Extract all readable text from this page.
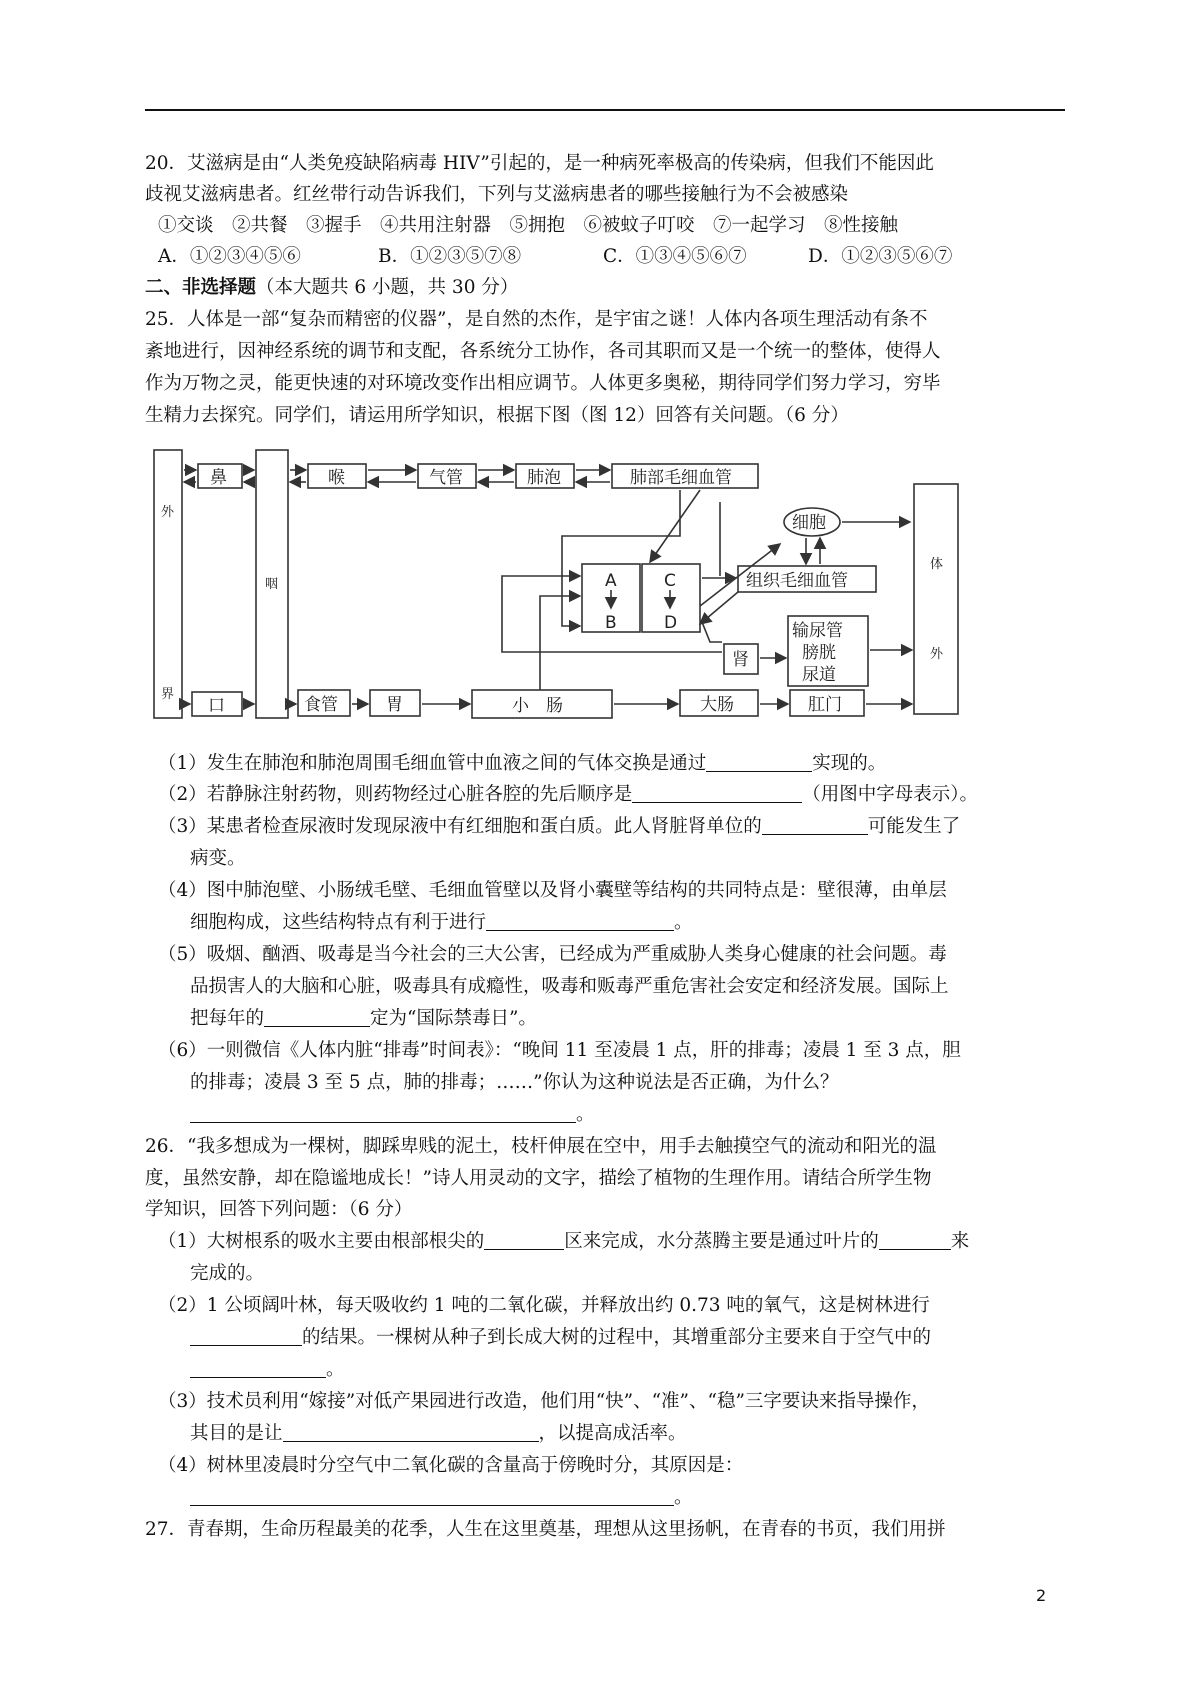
20．艾滋病是由“人类免疫缺陷病毒 HIV”引起的，是一种病死率极高的传染病，但我们不能因此
歧视艾滋病患者。红丝带行动告诉我们，下列与艾滋病患者的哪些接触行为不会被感染
①交谈　②共餐　③握手　④共用注射器　⑤拥抱　⑥被蚊子叮咬　⑦一起学习　⑧性接触
A．①②③④⑤⑥	B．①②③⑤⑦⑧	C．①③④⑤⑥⑦	D．①②③⑤⑥⑦
二、非选择题（本大题共 6 小题，共 30 分）
25．人体是一部“复杂而精密的仪器”，是自然的杰作，是宇宙之谜！人体内各项生理活动有条不
紊地进行，因神经系统的调节和支配，各系统分工协作，各司其职而又是一个统一的整体，使得人
作为万物之灵，能更快速的对环境改变作出相应调节。人体更多奥秘，期待同学们努力学习，穷毕
生精力去探究。同学们，请运用所学知识，根据下图（图 12）回答有关问题。（6 分）
外
界
咽
体
外
鼻	喉	气管	肺泡	肺部毛细血管
细胞
A
B
C
D
组织毛细血管
肾
输尿管
膀胱
尿道
口	食管	胃	小　肠	大肠	肛门
（1）发生在肺泡和肺泡周围毛细血管中血液之间的气体交换是通过	实现的。
（2）若静脉注射药物，则药物经过心脏各腔的先后顺序是	（用图中字母表示）。
（3）某患者检查尿液时发现尿液中有红细胞和蛋白质。此人肾脏肾单位的	可能发生了
病变。
（4）图中肺泡壁、小肠绒毛壁、毛细血管壁以及肾小囊壁等结构的共同特点是：壁很薄，由单层
细胞构成，这些结构特点有利于进行	。
（5）吸烟、酗酒、吸毒是当今社会的三大公害，已经成为严重威胁人类身心健康的社会问题。毒
品损害人的大脑和心脏，吸毒具有成瘾性，吸毒和贩毒严重危害社会安定和经济发展。国际上
把每年的	定为“国际禁毒日”。
（6）一则微信《人体内脏“排毒”时间表》：“晚间 11 至凌晨 1 点，肝的排毒；凌晨 1 至 3 点，胆
的排毒；凌晨 3 至 5 点，肺的排毒；……”你认为这种说法是否正确，为什么？
。
26．“我多想成为一棵树，脚踩卑贱的泥土，枝杆伸展在空中，用手去触摸空气的流动和阳光的温
度，虽然安静，却在隐谧地成长！”诗人用灵动的文字，描绘了植物的生理作用。请结合所学生物
学知识，回答下列问题：（6 分）
（1）大树根系的吸水主要由根部根尖的	区来完成，水分蒸腾主要是通过叶片的	来
完成的。
（2）1 公顷阔叶林，每天吸收约 1 吨的二氧化碳，并释放出约 0.73 吨的氧气，这是树林进行
的结果。一棵树从种子到长成大树的过程中，其增重部分主要来自于空气中的
。
（3）技术员利用“嫁接”对低产果园进行改造，他们用“快”、“准”、“稳”三字要诀来指导操作，
其目的是让	，以提高成活率。
（4）树林里凌晨时分空气中二氧化碳的含量高于傍晚时分，其原因是：
。
27．青春期，生命历程最美的花季，人生在这里奠基，理想从这里扬帆，在青春的书页，我们用拼
2
